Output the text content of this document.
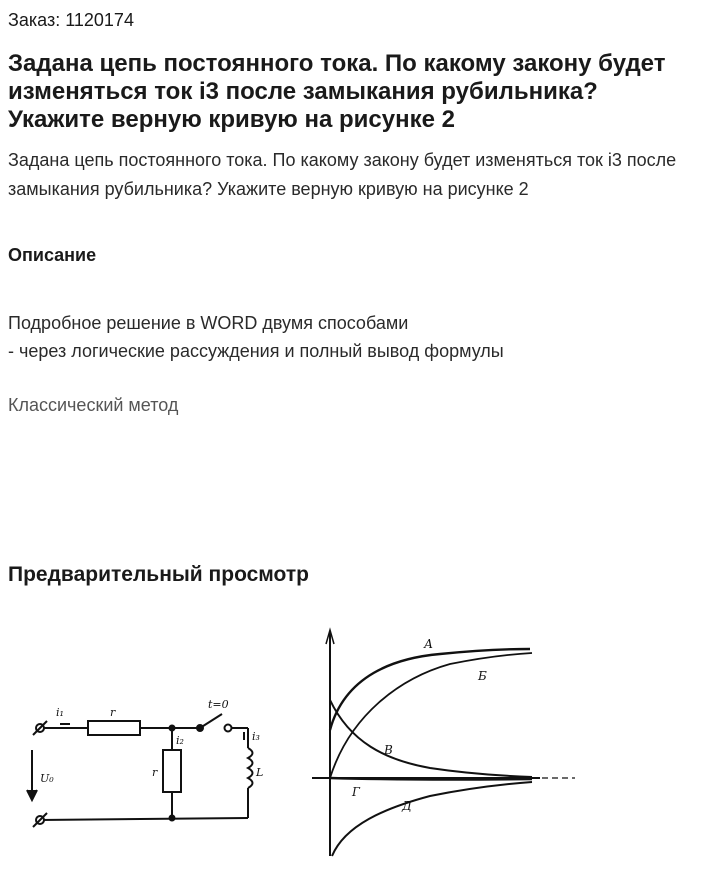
Заказ: 1120174
Задана цепь постоянного тока. По какому закону будет изменяться ток i3 после замыкания рубильника? Укажите верную кривую на рисунке 2
Задана цепь постоянного тока. По какому закону будет изменяться ток i3 после замыкания рубильника? Укажите верную кривую на рисунке 2
Описание
Подробное решение в WORD двумя способами
- через логические рассуждения и полный вывод формулы
Классический метод
Предварительный просмотр
i₁	r
t=0
i₂
r
i₃
L
U₀
А
Б
В
Г
Д
